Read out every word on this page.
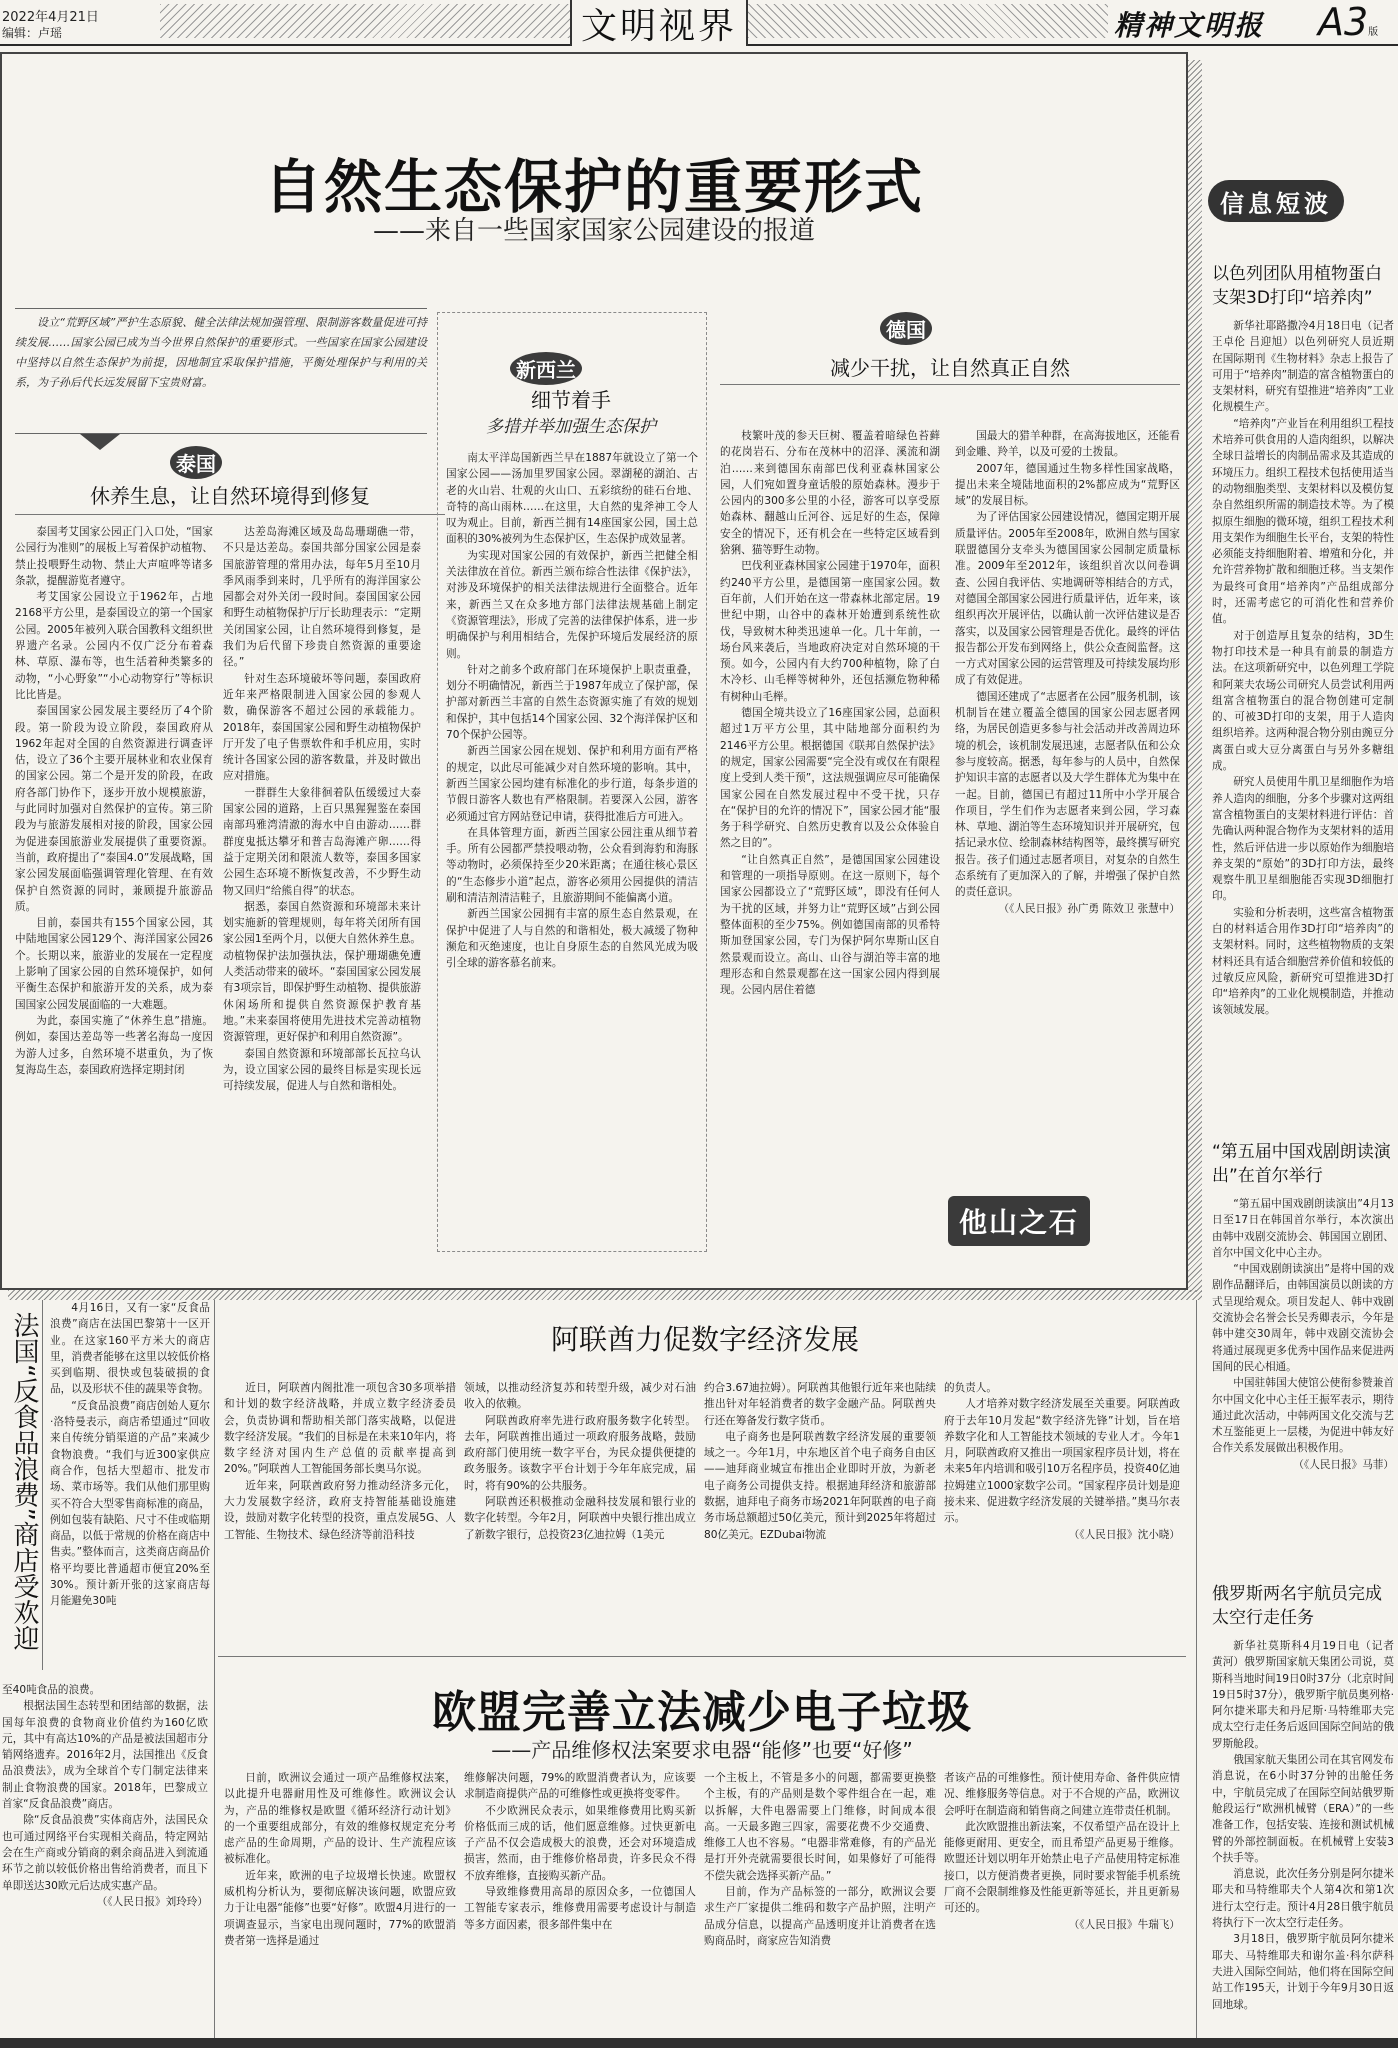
2022年4月21日
编辑：卢瑶	文明视界	精神文明报 A3版
自然生态保护的重要形式
——来自一些国家国家公园建设的报道
设立“荒野区域”严护生态原貌、健全法律法规加强管理、限制游客数量促进可持续发展……国家公园已成为当今世界自然保护的重要形式。一些国家在国家公园建设中坚持以自然生态保护为前提，因地制宜采取保护措施，平衡处理保护与利用的关系，为子孙后代长远发展留下宝贵财富。
泰国
休养生息，让自然环境得到修复

泰国考艾国家公园正门入口处，“国家公园行为准则”的展板上写着保护动植物、禁止投喂野生动物、禁止大声喧哗等诸多条款，提醒游览者遵守。

考艾国家公园设立于1962年，占地2168平方公里，是泰国设立的第一个国家公园。2005年被列入联合国教科文组织世界遗产名录。公园内不仅广泛分布着森林、草原、瀑布等，也生活着种类繁多的动物，“小心野象”“小心动物穿行”等标识比比皆是。

泰国国家公园发展主要经历了4个阶段。第一阶段为设立阶段，泰国政府从1962年起对全国的自然资源进行调查评估，设立了36个主要开展林业和农业保育的国家公园。第二个是开发的阶段，在政府各部门协作下，逐步开放小规模旅游，与此同时加强对自然保护的宣传。第三阶段为与旅游发展相对接的阶段，国家公园为促进泰国旅游业发展提供了重要资源。当前，政府提出了“泰国4.0”发展战略，国家公园发展面临强调管理化管理、在有效保护自然资源的同时，兼顾提升旅游品质。

目前，泰国共有155个国家公园，其中陆地国家公园129个、海洋国家公园26个。长期以来，旅游业的发展在一定程度上影响了国家公园的自然环境保护，如何平衡生态保护和旅游开发的关系，成为泰国国家公园发展面临的一大难题。

为此，泰国实施了“休养生息”措施。例如，泰国达差岛等一些著名海岛一度因为游人过多，自然环境不堪重负，为了恢复海岛生态，泰国政府选择定期封闭

达差岛海滩区域及岛岛珊瑚礁一带，不只是达差岛。泰国共部分国家公园是泰国旅游管理的常用办法，每年5月至10月季风雨季到来时，几乎所有的海洋国家公园都会对外关闭一段时间。泰国国家公园和野生动植物保护厅厅长助理表示：“定期关闭国家公园，让自然环境得到修复，是我们为后代留下珍贵自然资源的重要途径。”

针对生态环境破坏等问题，泰国政府近年来严格限制进入国家公园的参观人数，确保游客不超过公园的承载能力。2018年，泰国国家公园和野生动植物保护厅开发了电子售票软件和手机应用，实时统计各国家公园的游客数量，并及时做出应对措施。

一群群生大象徘徊着队伍缓缓过大泰国家公园的道路，上百只黑猩猩鉴在泰国南部玛雅湾清澈的海水中自由游动……群群度鬼抵达攀牙和普吉岛海滩产卵……得益于定期关闭和限流人数等，泰国多国家公园生态环境不断恢复改善，不少野生动物又回归“给熊自得”的状态。

据悉，泰国自然资源和环境部未来计划实施新的管理规则，每年将关闭所有国家公园1至两个月，以便大自然休养生息。动植物保护法加强执法，保护珊瑚礁免遭人类活动带来的破坏。“泰国国家公园发展有3项宗旨，即保护野生动植物、提供旅游休闲场所和提供自然资源保护教育基地。”未来泰国将使用先进技术完善动植物资源管理，更好保护和利用自然资源”。

泰国自然资源和环境部部长瓦拉乌认为，设立国家公园的最终目标是实现长远可持续发展，促进人与自然和谐相处。

新西兰
细节着手
多措并举加强生态保护

南太平洋岛国新西兰早在1887年就设立了第一个国家公园——汤加里罗国家公园。翠湖秘的湖泊、古老的火山岩、壮观的火山口、五彩缤纷的硅石台地、奇特的高山雨林……在这里，大自然的鬼斧神工令人叹为观止。目前，新西兰拥有14座国家公园，国土总面积的30%被列为生态保护区，生态保护成效显著。

为实现对国家公园的有效保护，新西兰把健全相关法律放在首位。新西兰颁布综合性法律《保护法》，对涉及环境保护的相关法律法规进行全面整合。近年来，新西兰又在众多地方部门法律法规基础上制定《资源管理法》，形成了完善的法律保护体系，进一步明确保护与利用相结合，先保护环境后发展经济的原则。

针对之前多个政府部门在环境保护上职责重叠，划分不明确情况，新西兰于1987年成立了保护部，保护部对新西兰丰富的自然生态资源实施了有效的规划和保护，其中包括14个国家公园、32个海洋保护区和70个保护公园等。

新西兰国家公园在规划、保护和利用方面有严格的规定，以此尽可能减少对自然环境的影响。其中，新西兰国家公园均建有标准化的步行道，每条步道的节假日游客人数也有严格限制。若要深入公园，游客必须通过官方网站登记申请，获得批准后方可进入。

在具体管理方面，新西兰国家公园注重从细节着手。所有公园都严禁投喂动物，公众看到海豹和海豚等动物时，必须保持至少20米距离；在通往核心景区的“生态修步小道”起点，游客必须用公园提供的清洁刷和清洁剂清洁鞋子，且旅游期间不能偏离小道。

新西兰国家公园拥有丰富的原生态自然景观，在保护中促进了人与自然的和谐相处，极大减缓了物种濒危和灭绝速度，也让自身原生态的自然风光成为吸引全球的游客慕名前来。

德国
减少干扰，让自然真正自然

枝繁叶茂的参天巨树、覆盖着暗绿色苔藓的花岗岩石、分布在茂林中的沼泽、溪流和湖泊……来到德国东南部巴伐利亚森林国家公园，人们宛如置身童话般的原始森林。漫步于公园内的300多公里的小径，游客可以享受原始森林、翻越山丘河谷、远足好的生态，保障安全的情况下，还有机会在一些特定区域看到猞猁、猫等野生动物。

巴伐利亚森林国家公园建于1970年，面积约240平方公里，是德国第一座国家公园。数百年前，人们开始在这一带森林北部定居。19世纪中期，山谷中的森林开始遭到系统性砍伐，导致树木种类迅速单一化。几十年前，一场台风来袭后，当地政府决定对自然环境的干预。如今，公园内有大约700种植物，除了白木冷杉、山毛榉等树种外，还包括濒危物种稀有树种山毛榉。

德国全境共设立了16座国家公园，总面积超过1万平方公里，其中陆地部分面积约为2146平方公里。根据德国《联邦自然保护法》的规定，国家公园需要“完全没有或仅在有限程度上受到人类干预”，这法规强调应尽可能确保国家公园在自然发展过程中不受干扰，只存在“保护目的允许的情况下”，国家公园才能“服务于科学研究、自然历史教育以及公众体验自然之目的”。

“让自然真正自然”，是德国国家公园建设和管理的一项指导原则。在这一原则下，每个国家公园都设立了“荒野区域”，即没有任何人为干扰的区域，并努力让“荒野区域”占到公园整体面积的至少75%。例如德国南部的贝希特斯加登国家公园，专门为保护阿尔卑斯山区自然景观而设立。高山、山谷与湖泊等丰富的地理形态和自然景观都在这一国家公园内得到展现。公园内居住着德

国最大的猎羊种群，在高海拔地区，还能看到金雕、羚羊，以及可爱的土拨鼠。

2007年，德国通过生物多样性国家战略，提出未来全境陆地面积的2%都应成为“荒野区域”的发展目标。

为了评估国家公园建设情况，德国定期开展质量评估。2005年至2008年，欧洲自然与国家联盟德国分支牵头为德国国家公园制定质量标准。2009年至2012年，该组织首次以问卷调查、公园自我评估、实地调研等相结合的方式，对德国全部国家公园进行质量评估，近年来，该组织再次开展评估，以确认前一次评估建议是否落实，以及国家公园管理是否优化。最终的评估报告都公开发布到网络上，供公众查阅监督。这一方式对国家公园的运营管理及可持续发展均形成了有效促进。

德国还建成了“志愿者在公园”服务机制，该机制旨在建立覆盖全德国的国家公园志愿者网络，为居民创造更多参与社会活动并改善周边环境的机会，该机制发展迅速，志愿者队伍和公众参与度较高。据悉，每年参与的人员中，自然保护知识丰富的志愿者以及大学生群体尤为集中在一起。目前，德国已有超过11所中小学开展合作项目，学生们作为志愿者来到公园，学习森林、草地、湖泊等生态环境知识并开展研究，包括记录水位、绘制森林结构图等，最终撰写研究报告。孩子们通过志愿者项目，对复杂的自然生态系统有了更加深入的了解，并增强了保护自然的责任意识。

（《人民日报》孙广勇 陈效卫 张慧中）

他山之石
法国“反食品浪费”商店受欢迎

4月16日，又有一家“反食品浪费”商店在法国巴黎第十一区开业。在这家160平方米大的商店里，消费者能够在这里以较低价格买到临期、很快或包装破损的食品，以及形状不佳的蔬果等食物。

“反食品浪费”商店创始人夏尔·洛特曼表示，商店希望通过“回收来自传统分销渠道的产品”来减少食物浪费。“我们与近300家供应商合作，包括大型超市、批发市场、菜市场等。我们从他们那里购买不符合大型零售商标准的商品，例如包装有缺陷、尺寸不佳或临期商品，以低于常规的价格在商店中售卖。”整体而言，这类商店商品价格平均要比普通超市便宜20%至30%。预计新开张的这家商店每月能避免30吨

至40吨食品的浪费。

根据法国生态转型和团结部的数据，法国每年浪费的食物商业价值约为160亿欧元，其中有高达10%的产品是被法国超市分销网络遗弃。2016年2月，法国推出《反食品浪费法》，成为全球首个专门制定法律来制止食物浪费的国家。2018年，巴黎成立首家“反食品浪费”商店。

除“反食品浪费”实体商店外，法国民众也可通过网络平台实现相关商品，特定网站会在生产商或分销商的剩余商品进入到流通环节之前以较低价格出售给消费者，而且下单即送达30欧元后达成实惠产品。

（《人民日报》刘玲玲）

阿联酋力促数字经济发展

近日，阿联酋内阁批准一项包含30多项举措和计划的数字经济战略，并成立数字经济委员会，负责协调和帮助相关部门落实战略，以促进数字经济发展。“我们的目标是在未来10年内，将数字经济对国内生产总值的贡献率提高到20%。”阿联酋人工智能国务部长奥马尔说。

近年来，阿联酋政府努力推动经济多元化，大力发展数字经济，政府支持智能基础设施建设，鼓励对数字化转型的投资，重点发展5G、人工智能、生物技术、绿色经济等前沿科技

领域，以推动经济复苏和转型升级，减少对石油收入的依赖。

阿联酋政府率先进行政府服务数字化转型。去年，阿联酋推出通过一项政府服务战略，鼓励政府部门使用统一数字平台，为民众提供便捷的政务服务。该数字平台计划于今年年底完成，届时，将有90%的公共服务。

阿联酋还积极推动金融科技发展和银行业的数字化转型。今年2月，阿联酋中央银行推出成立了新数字银行，总投资23亿迪拉姆（1美元

约合3.67迪拉姆）。阿联酋其他银行近年来也陆续推出针对年轻消费者的数字金融产品。阿联酋央行还在筹备发行数字货币。

电子商务也是阿联酋数字经济发展的重要领域之一。今年1月，中东地区首个电子商务自由区——迪拜商业城宣布推出企业即时开放，为新老电子商务公司提供支持。根据迪拜经济和旅游部数据，迪拜电子商务市场2021年阿联酋的电子商务市场总额超过50亿美元，预计到2025年将超过80亿美元。EZDubai物流

的负责人。

人才培养对数字经济发展至关重要。阿联酋政府于去年10月发起“数字经济先锋”计划，旨在培养数字化和人工智能技术领域的专业人才。今年1月，阿联酋政府又推出一项国家程序员计划，将在未来5年内培训和吸引10万名程序员，投资40亿迪拉姆建立1000家数字公司。“国家程序员计划是迎接未来、促进数字经济发展的关键举措。”奥马尔表示。

（《人民日报》沈小晓）

欧盟完善立法减少电子垃圾
——产品维修权法案要求电器“能修”也要“好修”

日前，欧洲议会通过一项产品维修权法案，以此提升电器耐用性及可维修性。欧洲议会认为，产品的维修权是欧盟《循环经济行动计划》的一个重要组成部分，有效的维修权规定充分考虑产品的生命周期，产品的设计、生产流程应该被标准化。

近年来，欧洲的电子垃圾增长快速。欧盟权威机构分析认为，要彻底解决该问题，欧盟应致力于让电器“能修”也要“好修”。欧盟4月进行的一项调查显示，当家电出现问题时，77%的欧盟消费者第一选择是通过

维修解决问题，79%的欧盟消费者认为，应该要求制造商提供产品的可维修性或更换将变零件。

不少欧洲民众表示，如果维修费用比购买新价格低而三成的话，他们愿意维修。过快更新电子产品不仅会造成极大的浪费，还会对环境造成损害，然而，由于维修价格昂贵，许多民众不得不放弃维修，直接购买新产品。

导致维修费用高昂的原因众多，一位德国人工智能专家表示，维修费用需要考虑设计与制造等多方面因素，很多部件集中在

一个主板上，不管是多小的问题，都需要更换整个主板，有的产品则是数个零件组合在一起，难以拆解，大件电器需要上门维修，时间成本很高。一天最多跑三四家，需要花费不少交通费、维修工人也不容易。“电器非常难修，有的产品光是打开外壳就需要很长时间，如果修好了可能得不偿失就会选择买新产品。”

目前，作为产品标签的一部分，欧洲议会要求生产厂家提供二维码和数字产品护照，注明产品成分信息，以提高产品透明度并让消费者在选购商品时，商家应告知消费

者该产品的可维修性。预计使用寿命、备件供应情况、维修服务等信息。对于不合规的产品，欧洲议会呼吁在制造商和销售商之间建立连带责任机制。

此次欧盟推出新法案，不仅希望产品在设计上能修更耐用、更安全，而且希望产品更易于维修。欧盟还计划以明年开始禁止电子产品使用特定标准接口，以方便消费者更换，同时要求智能手机系统厂商不会限制维修及性能更新等延长，并且更新易可还的。

（《人民日报》牛瑞飞）

信息短波
以色列团队用植物蛋白支架3D打印“培养肉”

新华社耶路撒冷4月18日电（记者 王卓伦 吕迎旭）以色列研究人员近期在国际期刊《生物材料》杂志上报告了可用于“培养肉”制造的富含植物蛋白的支架材料，研究有望推进“培养肉”工业化规模生产。

“培养肉”产业旨在利用组织工程技术培养可供食用的人造肉组织，以解决全球日益增长的肉制品需求及其造成的环境压力。组织工程技术包括使用适当的动物细胞类型、支架材料以及模仿复杂自然组织所需的制造技术等。为了模拟原生细胞的微环境，组织工程技术利用支架作为细胞生长平台，支架的特性必须能支持细胞附着、增殖和分化，并允许营养物扩散和细胞迁移。当支架作为最终可食用“培养肉”产品组成部分时，还需考虑它的可消化性和营养价值。

对于创造厚且复杂的结构，3D生物打印技术是一种具有前景的制造方法。在这项新研究中，以色列理工学院和阿莱夫农场公司研究人员尝试利用两组富含植物蛋白的混合物创建可定制的、可被3D打印的支架，用于人造肉组织培养。这两种混合物分别由豌豆分离蛋白或大豆分离蛋白与另外多糖组成。

研究人员使用牛肌卫星细胞作为培养人造肉的细胞，分多个步骤对这两组富含植物蛋白的支架材料进行评估：首先确认两种混合物作为支架材料的适用性，然后评估进一步以原始作为细胞培养支架的“原始”的3D打印方法，最终观察牛肌卫星细胞能否实现3D细胞打印。

实验和分析表明，这些富含植物蛋白的材料适合用作3D打印“培养肉”的支架材料。同时，这些植物物质的支架材料还具有适合细胞营养价值和较低的过敏反应风险，新研究可望推进3D打印“培养肉”的工业化规模制造，并推动该领域发展。

“第五届中国戏剧朗读演出”在首尔举行

“第五届中国戏剧朗读演出”4月13日至17日在韩国首尔举行，本次演出由韩中戏剧交流协会、韩国国立剧团、首尔中国文化中心主办。

“中国戏剧朗读演出”是将中国的戏剧作品翻译后，由韩国演员以朗读的方式呈现给观众。项目发起人、韩中戏剧交流协会名誉会长吴秀卿表示，今年是韩中建交30周年，韩中戏剧交流协会将通过展现更多优秀中国作品来促进两国间的民心相通。

中国驻韩国大使馆公使衔参赞兼首尔中国文化中心主任王振军表示，期待通过此次活动，中韩两国文化交流与艺术互鉴能更上一层楼，为促进中韩友好合作关系发展做出积极作用。

（《人民日报》马菲）

俄罗斯两名宇航员完成太空行走任务

新华社莫斯科4月19日电（记者 黄河）俄罗斯国家航天集团公司说，莫斯科当地时间19日0时37分（北京时间19日5时37分），俄罗斯宇航员奥列格·阿尔捷米耶夫和丹尼斯·马特维耶夫完成太空行走任务后返回国际空间站的俄罗斯舱段。

俄国家航天集团公司在其官网发布消息说，在6小时37分钟的出舱任务中，宇航员完成了在国际空间站俄罗斯舱段运行“欧洲机械臂（ERA）”的一些准备工作，包括安装、连接和测试机械臂的外部控制面板。在机械臂上安装3个扶手等。

消息说，此次任务分别是阿尔捷米耶夫和马特维耶夫个人第4次和第1次进行太空行走。预计4月28日俄宇航员将执行下一次太空行走任务。

3月18日，俄罗斯宇航员阿尔捷米耶夫、马特维耶夫和谢尔盖·科尔萨科夫进入国际空间站，他们将在国际空间站工作195天，计划于今年9月30日返回地球。
